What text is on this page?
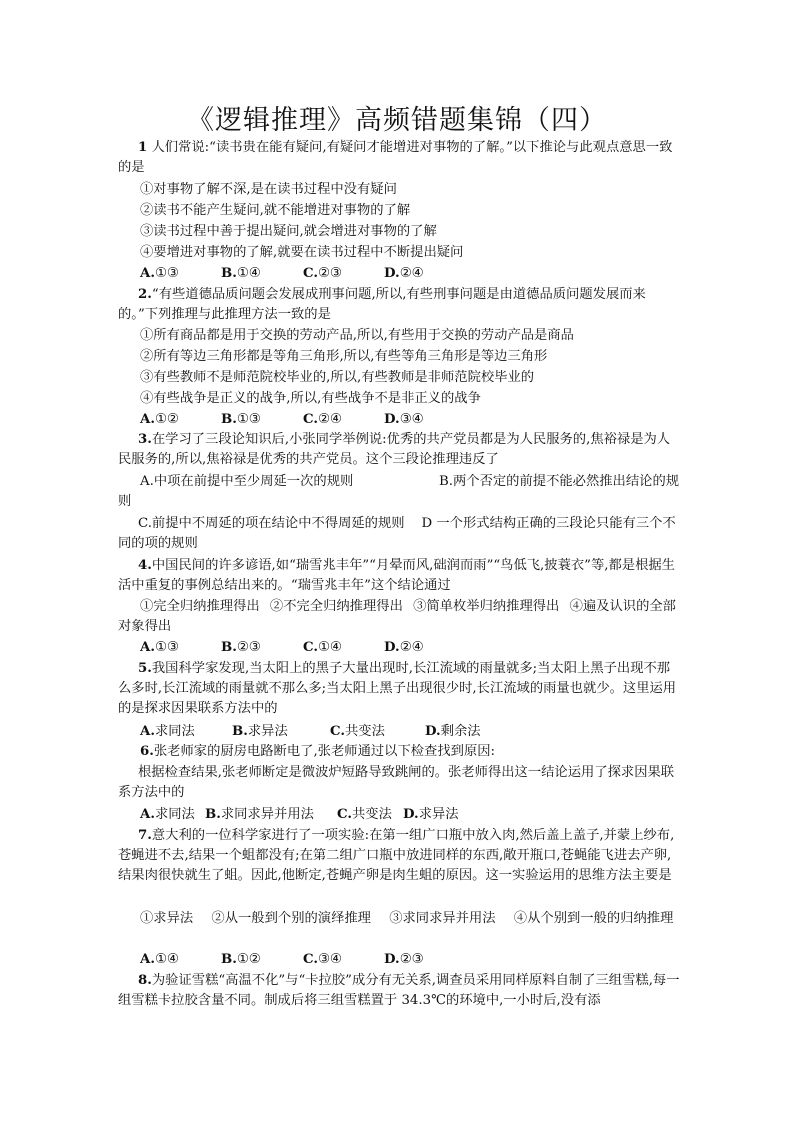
《逻辑推理》高频错题集锦（四）
1 人们常说:“读书贵在能有疑问,有疑问才能增进对事物的了解。”以下推论与此观点意思一致的是
①对事物了解不深,是在读书过程中没有疑问
②读书不能产生疑问,就不能增进对事物的了解
③读书过程中善于提出疑问,就会增进对事物的了解
④要增进对事物的了解,就要在读书过程中不断提出疑问
A.①③	B.①④	C.②③	D.②④
2.“有些道德品质问题会发展成刑事问题,所以,有些刑事问题是由道德品质问题发展而来的。”下列推理与此推理方法一致的是
①所有商品都是用于交换的劳动产品,所以,有些用于交换的劳动产品是商品
②所有等边三角形都是等角三角形,所以,有些等角三角形是等边三角形
③有些教师不是师范院校毕业的,所以,有些教师是非师范院校毕业的
④有些战争是正义的战争,所以,有些战争不是非正义的战争
A.①②	B.①③	C.②④	D.③④
3.在学习了三段论知识后,小张同学举例说:优秀的共产党员都是为人民服务的,焦裕禄是为人民服务的,所以,焦裕禄是优秀的共产党员。这个三段论推理违反了
A.中项在前提中至少周延一次的规则	B.两个否定的前提不能必然推出结论的规则
C.前提中不周延的项在结论中不得周延的规则 D 一个形式结构正确的三段论只能有三个不同的项的规则
4.中国民间的许多谚语,如“瑞雪兆丰年”“月晕而风,础润而雨”“鸟低飞,披蓑衣”等,都是根据生活中重复的事例总结出来的。“瑞雪兆丰年”这个结论通过
①完全归纳推理得出 ②不完全归纳推理得出 ③简单枚举归纳推理得出 ④遍及认识的全部对象得出
A.①③	B.②③	C.①④	D.②④
5.我国科学家发现,当太阳上的黑子大量出现时,长江流域的雨量就多;当太阳上黑子出现不那么多时,长江流域的雨量就不那么多;当太阳上黑子出现很少时,长江流域的雨量也就少。这里运用的是探求因果联系方法中的
A.求同法	B.求异法	C.共变法	D.剩余法
6.张老师家的厨房电路断电了,张老师通过以下检查找到原因:
根据检查结果,张老师断定是微波炉短路导致跳闸的。张老师得出这一结论运用了探求因果联系方法中的
A.求同法 B.求同求异并用法 C.共变法 D.求异法
7.意大利的一位科学家进行了一项实验:在第一组广口瓶中放入肉,然后盖上盖子,并蒙上纱布,苍蝇进不去,结果一个蛆都没有;在第二组广口瓶中放进同样的东西,敞开瓶口,苍蝇能飞进去产卵,结果肉很快就生了蛆。因此,他断定,苍蝇产卵是肉生蛆的原因。这一实验运用的思维方法主要是
①求异法 ②从一般到个别的演绎推理 ③求同求异并用法 ④从个别到一般的归纳推理
A.①④	B.①②	C.③④	D.②③
8.为验证雪糕“高温不化”与“卡拉胶”成分有无关系,调查员采用同样原料自制了三组雪糕,每一组雪糕卡拉胶含量不同。制成后将三组雪糕置于 34.3℃的环境中,一小时后,没有添
